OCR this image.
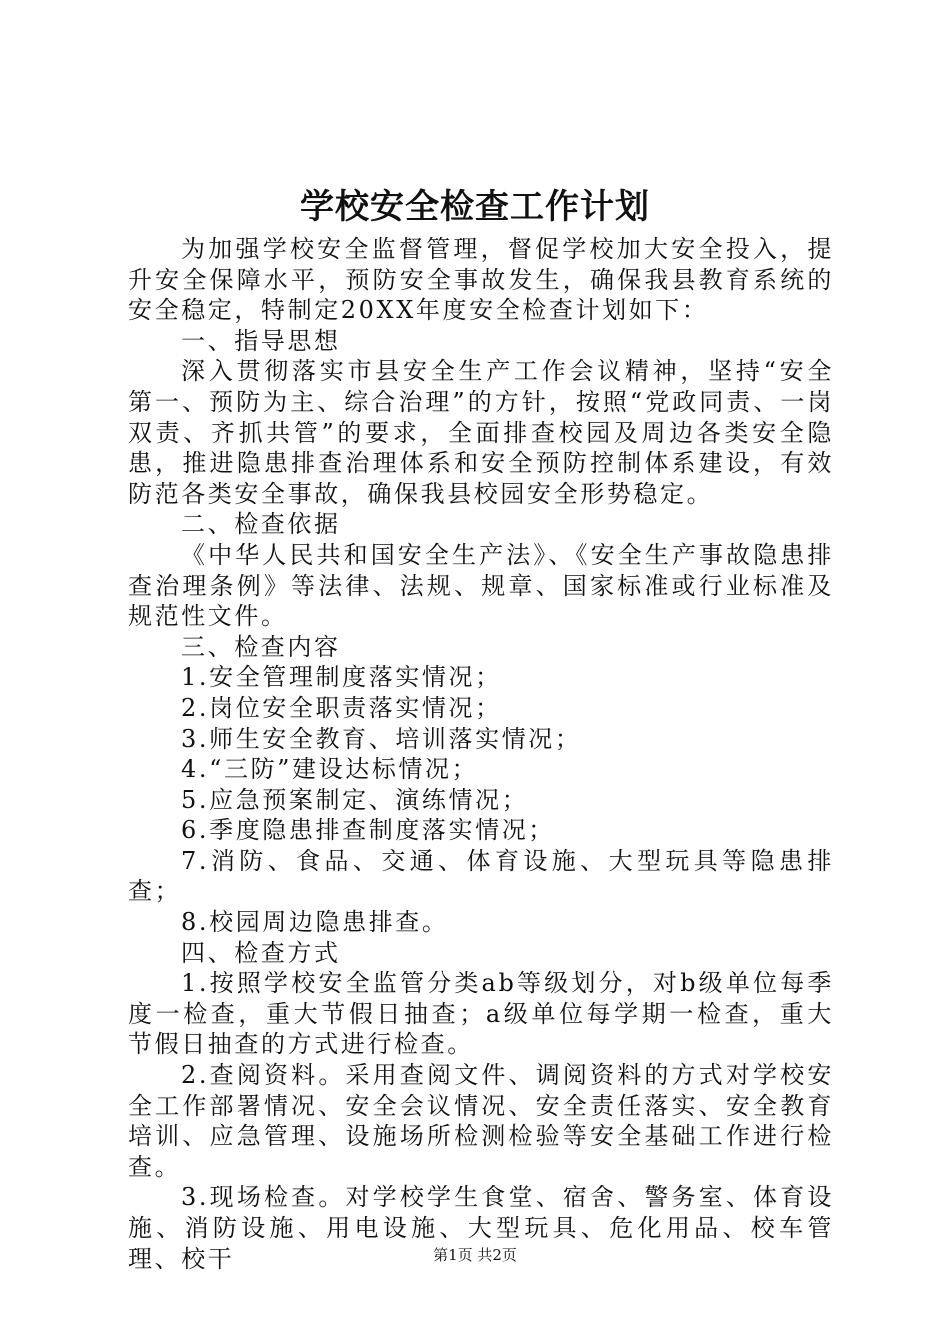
学校安全检查工作计划

为加强学校安全监督管理，督促学校加大安全投入，提升安全保障水平，预防安全事故发生，确保我县教育系统的安全稳定，特制定20XX年度安全检查计划如下：

一、指导思想

深入贯彻落实市县安全生产工作会议精神，坚持“安全第一、预防为主、综合治理”的方针，按照“党政同责、一岗双责、齐抓共管”的要求，全面排查校园及周边各类安全隐患，推进隐患排查治理体系和安全预防控制体系建设，有效防范各类安全事故，确保我县校园安全形势稳定。

二、检查依据

《中华人民共和国安全生产法》、《安全生产事故隐患排查治理条例》等法律、法规、规章、国家标准或行业标准及规范性文件。

三、检查内容

1.安全管理制度落实情况；

2.岗位安全职责落实情况；

3.师生安全教育、培训落实情况；

4.“三防”建设达标情况；

5.应急预案制定、演练情况；

6.季度隐患排查制度落实情况；

7.消防、食品、交通、体育设施、大型玩具等隐患排查；

8.校园周边隐患排查。

四、检查方式

1.按照学校安全监管分类ab等级划分，对b级单位每季度一检查，重大节假日抽查；a级单位每学期一检查，重大节假日抽查的方式进行检查。

2.查阅资料。采用查阅文件、调阅资料的方式对学校安全工作部署情况、安全会议情况、安全责任落实、安全教育培训、应急管理、设施场所检测检验等安全基础工作进行检查。

3.现场检查。对学校学生食堂、宿舍、警务室、体育设施、消防设施、用电设施、大型玩具、危化用品、校车管理、校干	第1页 共2页
